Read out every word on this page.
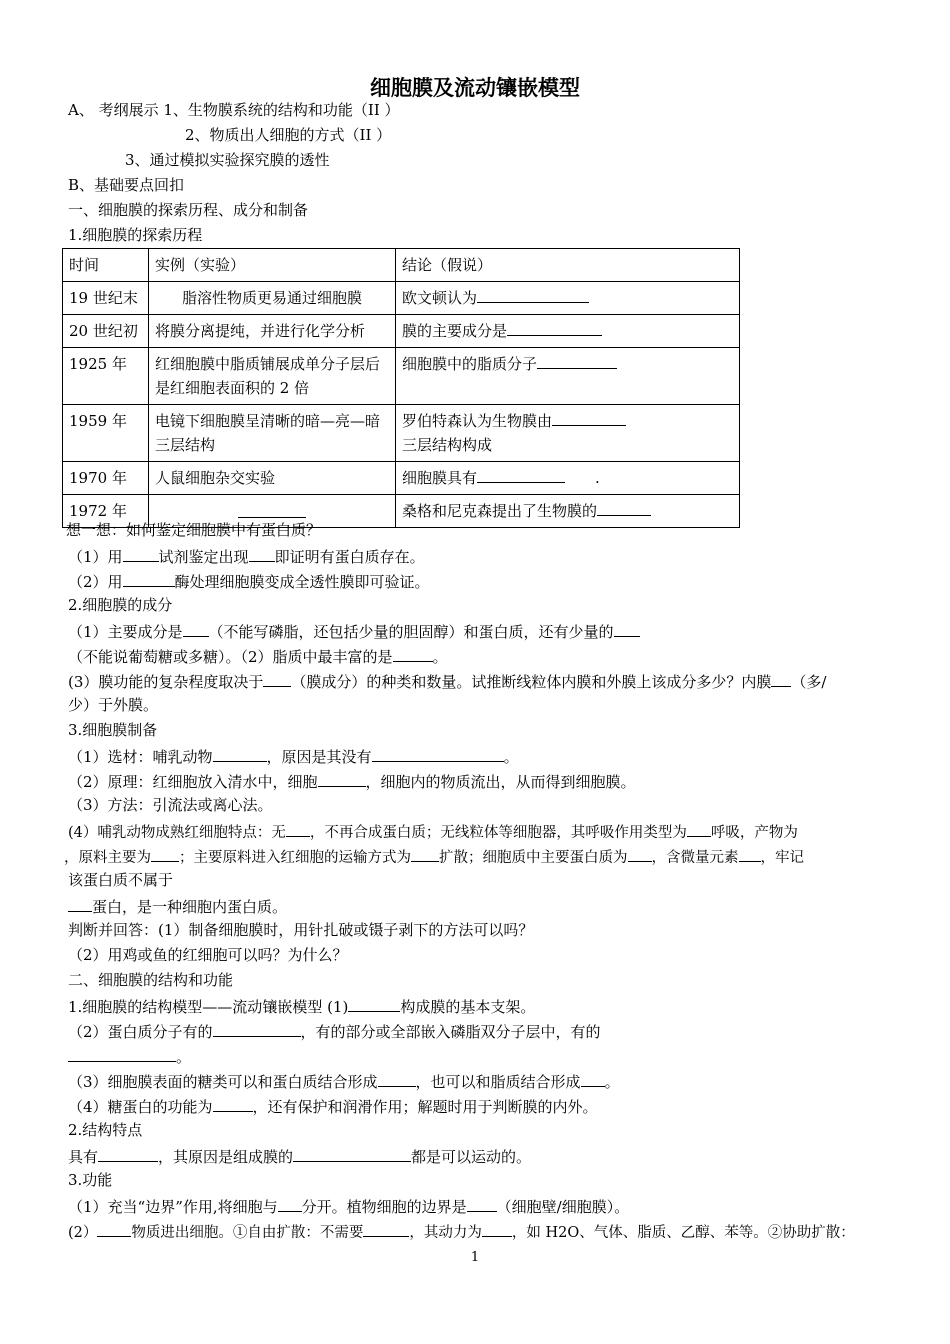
细胞膜及流动镶嵌模型
A、 考纲展示 1、生物膜系统的结构和功能（II ）
2、物质出人细胞的方式（II ）
3、通过模拟实验探究膜的透性
B、基础要点回扣
一、细胞膜的探索历程、成分和制备
1.细胞膜的探索历程
时间	实例（实验）	结论（假说）
19 世纪末	脂溶性物质更易通过细胞膜	欧文顿认为
20 世纪初	将膜分离提纯，并进行化学分析	膜的主要成分是
1925 年	红细胞膜中脂质铺展成单分子层后是红细胞表面积的 2 倍	细胞膜中的脂质分子
1959 年	电镜下细胞膜呈清晰的暗—亮—暗三层结构	罗伯特森认为生物膜由
三层结构构成
1970 年	人鼠细胞杂交实验	细胞膜具有 .
1972 年		桑格和尼克森提出了生物膜的
想一想：如何鉴定细胞膜中有蛋白质？
（1）用 试剂鉴定出现 即证明有蛋白质存在。
（2）用	酶处理细胞膜变成全透性膜即可验证。
2.细胞膜的成分
（1）主要成分是 （不能写磷脂，还包括少量的胆固醇）和蛋白质，还有少量的
（不能说葡萄糖或多糖）。（2）脂质中最丰富的是	。
(3）膜功能的复杂程度取决于 （膜成分）的种类和数量。试推断线粒体内膜和外膜上该成分多少？内膜 （多/
少）于外膜。
3.细胞膜制备
（1）选材：哺乳动物	，原因是其没有	。
（2）原理：红细胞放入清水中，细胞	，细胞内的物质流出，从而得到细胞膜。
（3）方法：引流法或离心法。
(4）哺乳动物成熟红细胞特点：无 ，不再合成蛋白质；无线粒体等细胞器，其呼吸作用类型为 呼吸，产物为
，原料主要为 ；主要原料进入红细胞的运输方式为 扩散；细胞质中主要蛋白质为 ，含微量元素 ，牢记
该蛋白质不属于
蛋白，是一种细胞内蛋白质。
判断并回答：(1）制备细胞膜时，用针扎破或镊子剥下的方法可以吗？
（2）用鸡或鱼的红细胞可以吗？为什么？
二、细胞膜的结构和功能
1.细胞膜的结构模型——流动镶嵌模型 (1)	构成膜的基本支架。
（2）蛋白质分子有的	，有的部分或全部嵌入磷脂双分子层中，有的
。
（3）细胞膜表面的糖类可以和蛋白质结合形成	，也可以和脂质结合形成 。
（4）糖蛋白的功能为	，还有保护和润滑作用；解题时用于判断膜的内外。
2.结构特点
具有	，其原因是组成膜的	都是可以运动的。
3.功能
（1）充当“边界”作用,将细胞与 分开。植物细胞的边界是 （细胞壁/细胞膜）。
(2） 物质进出细胞。①自由扩散：不需要	，其动力为 ，如 H2O、气体、脂质、乙醇、苯等。②协助扩散：
1
